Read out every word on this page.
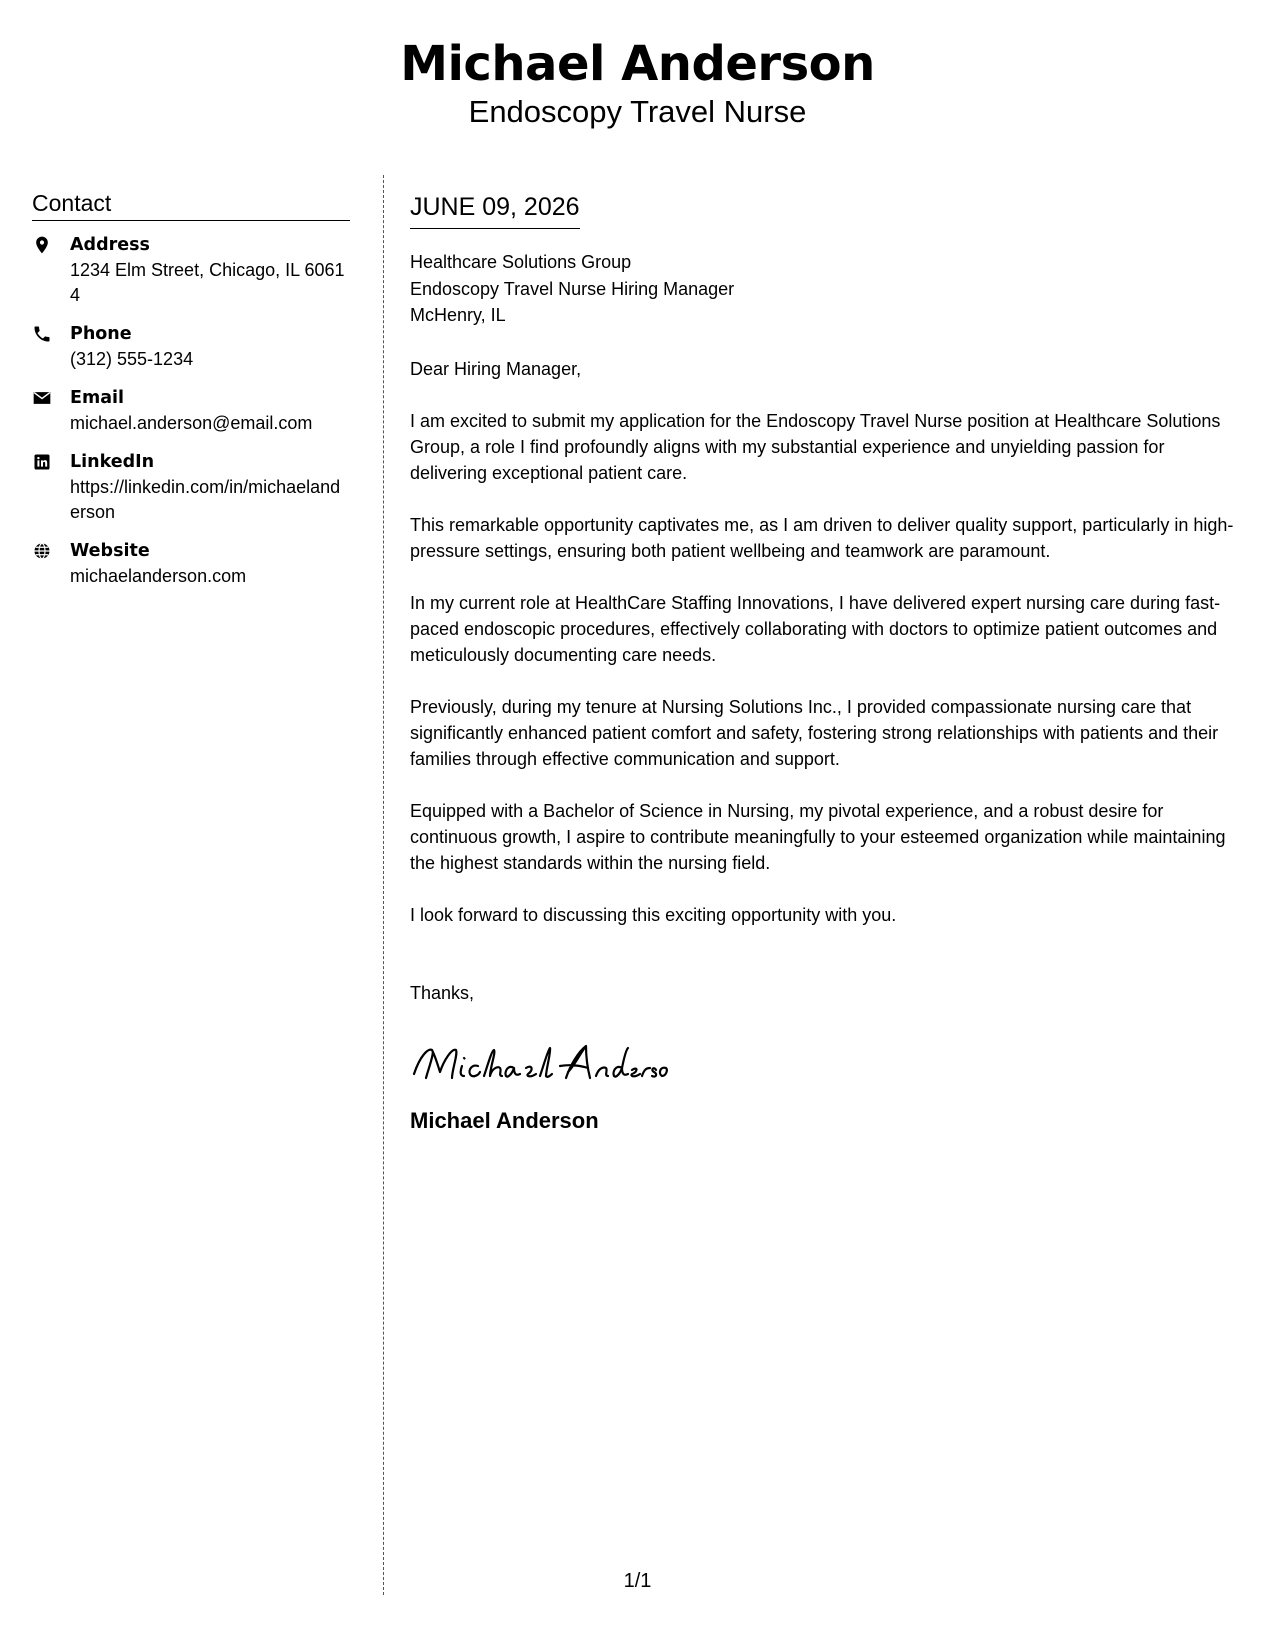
Michael Anderson
Endoscopy Travel Nurse
Contact
Address
1234 Elm Street, Chicago, IL 60614
Phone
(312) 555-1234
Email
michael.anderson@email.com
LinkedIn
https://linkedin.com/in/michaelanderson
Website
michaelanderson.com
JUNE 09, 2026
Healthcare Solutions Group
Endoscopy Travel Nurse Hiring Manager
McHenry, IL
Dear Hiring Manager,
I am excited to submit my application for the Endoscopy Travel Nurse position at Healthcare Solutions Group, a role I find profoundly aligns with my substantial experience and unyielding passion for delivering exceptional patient care.
This remarkable opportunity captivates me, as I am driven to deliver quality support, particularly in high-pressure settings, ensuring both patient wellbeing and teamwork are paramount.
In my current role at HealthCare Staffing Innovations, I have delivered expert nursing care during fast-paced endoscopic procedures, effectively collaborating with doctors to optimize patient outcomes and meticulously documenting care needs.
Previously, during my tenure at Nursing Solutions Inc., I provided compassionate nursing care that significantly enhanced patient comfort and safety, fostering strong relationships with patients and their families through effective communication and support.
Equipped with a Bachelor of Science in Nursing, my pivotal experience, and a robust desire for continuous growth, I aspire to contribute meaningfully to your esteemed organization while maintaining the highest standards within the nursing field.
I look forward to discussing this exciting opportunity with you.
Thanks,
Michael Anderson
1/1
